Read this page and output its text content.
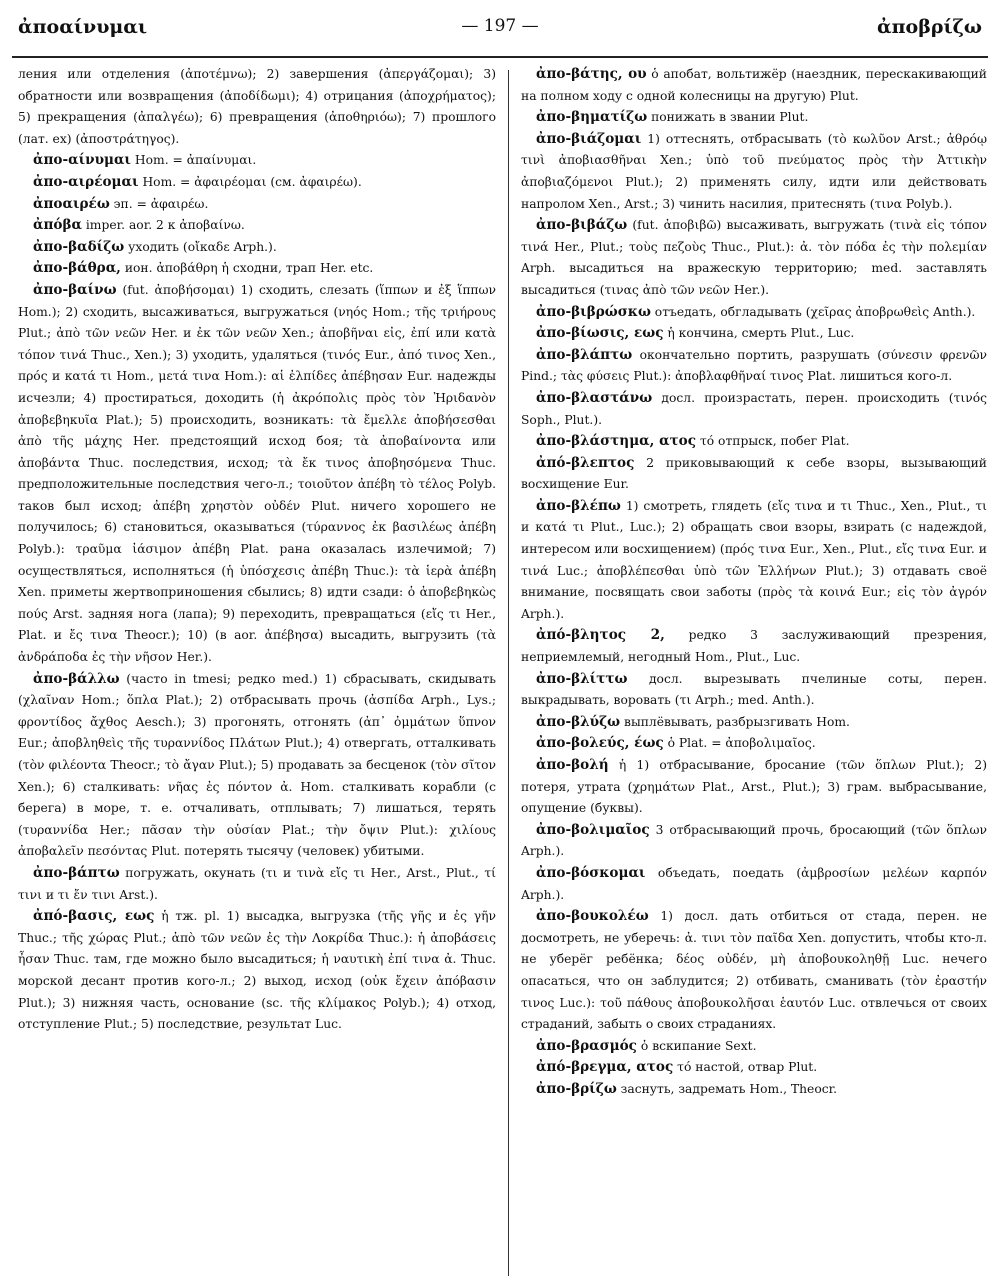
ἀποαίνυμαι	— 197 —	ἀποβρίζω

ления или отделения (ἀποτέμνω); 2) завершения (ἀπεργάζομαι); 3) обратности или возвращения (ἀποδίδωμι); 4) отрицания (ἀποχρήματος); 5) прекращения (ἀπαλγέω); 6) превращения (ἀποθηριόω); 7) прошлого (лат. ex) (ἀποστράτηγος).

ἀπο-αίνυμαι Hom. = ἀπαίνυμαι.

ἀπο-αιρέομαι Hom. = ἀφαιρέομαι (см. ἀφαιρέω).

ἀποαιρέω эп. = ἀφαιρέω.

ἀπόβα imper. aor. 2 к ἀποβαίνω.

ἀπο-βαδίζω уходить (οἴκαδε Arph.).

ἀπο-βάθρα, ион. ἀποβάθρη ἡ сходни, трап Her. etc.

ἀπο-βαίνω (fut. ἀποβήσομαι) 1) сходить, слезать (ἵππων и ἐξ ἵππων Hom.); 2) сходить, высаживаться, выгружаться (νηός Hom.; τῆς τριήρους Plut.; ἀπὸ τῶν νεῶν Her. и ἐκ τῶν νεῶν Xen.; ἀποβῆναι εἰς, ἐπί или κατὰ τόπον τινά Thuc., Xen.); 3) уходить, удаляться (τινός Eur., ἀπό τινος Xen., πρός и κατά τι Hom., μετά τινα Hom.): αἱ ἐλπίδες ἀπέβησαν Eur. надежды исчезли; 4) простираться, доходить (ἡ ἀκρόπολις πρὸς τὸν Ἠριδανὸν ἀποβεβηκυῖα Plat.); 5) происходить, возникать: τὰ ἔμελλε ἀποβήσεσθαι ἀπὸ τῆς μάχης Her. предстоящий исход боя; τὰ ἀποβαίνοντα или ἀποβάντα Thuc. последствия, исход; τὰ ἔκ τινος ἀποβησόμενα Thuc. предположительные последствия чего-л.; τοιοῦτον ἀπέβη τὸ τέλος Polyb. таков был исход; ἀπέβη χρηστὸν οὐδέν Plut. ничего хорошего не получилось; 6) становиться, оказываться (τύραννος ἐκ βασιλέως ἀπέβη Polyb.): τραῦμα ἰάσιμον ἀπέβη Plat. рана оказалась излечимой; 7) осуществляться, исполняться (ἡ ὑπόσχεσις ἀπέβη Thuc.): τὰ ἱερὰ ἀπέβη Xen. приметы жертвоприношения сбылись; 8) идти сзади: ὁ ἀποβεβηκὼς πούς Arst. задняя нога (лапа); 9) переходить, превращаться (εἴς τι Her., Plat. и ἔς τινα Theocr.); 10) (в aor. ἀπέβησα) высадить, выгрузить (τὰ ἀνδράποδα ἐς τὴν νῆσον Her.).

ἀπο-βάλλω (часто in tmesi; редко med.) 1) сбрасывать, скидывать (χλαῖναν Hom.; ὅπλα Plat.); 2) отбрасывать прочь (ἀσπίδα Arph., Lys.; φροντίδος ἄχθος Aesch.); 3) прогонять, отгонять (ἀπ᾽ ὀμμάτων ὕπνον Eur.; ἀποβληθεὶς τῆς τυραννίδος Πλάτων Plut.); 4) отвергать, отталкивать (τὸν φιλέοντα Theocr.; τὸ ἄγαν Plut.); 5) продавать за бесценок (τὸν σῖτον Xen.); 6) сталкивать: νῆας ἐς πόντον ἀ. Hom. сталкивать корабли (с берега) в море, т. е. отчаливать, отплывать; 7) лишаться, терять (τυραννίδα Her.; πᾶσαν τὴν οὐσίαν Plat.; τὴν ὄψιν Plut.): χιλίους ἀποβαλεῖν πεσόντας Plut. потерять тысячу (человек) убитыми.

ἀπο-βάπτω погружать, окунать (τι и τινὰ εἴς τι Her., Arst., Plut., τί τινι и τι ἔν τινι Arst.).

ἀπό-βασις, εως ἡ тж. pl. 1) высадка, выгрузка (τῆς γῆς и ἐς γῆν Thuc.; τῆς χώρας Plut.; ἀπὸ τῶν νεῶν ἐς τὴν Λοκρίδα Thuc.): ἡ ἀποβάσεις ἦσαν Thuc. там, где можно было высадиться; ἡ ναυτικὴ ἐπί τινα ἀ. Thuc. морской десант против кого-л.; 2) выход, исход (οὐκ ἔχειν ἀπόβασιν Plut.); 3) нижняя часть, основание (sc. τῆς κλίμακος Polyb.); 4) отход, отступление Plut.; 5) последствие, результат Luc.

ἀπο-βάτης, ου ὁ апобат, вольтижёр (наездник, перескакивающий на полном ходу с одной колесницы на другую) Plut.

ἀπο-βηματίζω понижать в звании Plut.

ἀπο-βιάζομαι 1) оттеснять, отбрасывать (τὸ κωλῦον Arst.; ἀθρόῳ τινὶ ἀποβιασθῆναι Xen.; ὑπὸ τοῦ πνεύματος πρὸς τὴν Ἀττικὴν ἀποβιαζόμενοι Plut.); 2) применять силу, идти или действовать напролом Xen., Arst.; 3) чинить насилия, притеснять (τινα Polyb.).

ἀπο-βιβάζω (fut. ἀποβιβῶ) высаживать, выгружать (τινὰ εἰς τόπον τινά Her., Plut.; τοὺς πεζοὺς Thuc., Plut.): ἀ. τὸν πόδα ἐς τὴν πολεμίαν Arph. высадиться на вражескую территорию; med. заставлять высадиться (τινας ἀπὸ τῶν νεῶν Her.).

ἀπο-βιβρώσκω отъедать, обгладывать (χεῖρας ἀποβρωθεὶς Anth.).

ἀπο-βίωσις, εως ἡ кончина, смерть Plut., Luc.

ἀπο-βλάπτω окончательно портить, разрушать (σύνεσιν φρενῶν Pind.; τὰς φύσεις Plut.): ἀποβλαφθῆναί τινος Plat. лишиться кого-л.

ἀπο-βλαστάνω досл. произрастать, перен. происходить (τινός Soph., Plut.).

ἀπο-βλάστημα, ατος τό отпрыск, побег Plat.

ἀπό-βλεπτος 2 приковывающий к себе взоры, вызывающий восхищение Eur.

ἀπο-βλέπω 1) смотреть, глядеть (εἴς τινα и τι Thuc., Xen., Plut., τι и κατά τι Plut., Luc.); 2) обращать свои взоры, взирать (с надеждой, интересом или восхищением) (πρός τινα Eur., Xen., Plut., εἴς τινα Eur. и τινά Luc.; ἀποβλέπεσθαι ὑπὸ τῶν Ἑλλήνων Plut.); 3) отдавать своё внимание, посвящать свои заботы (πρὸς τὰ κοινά Eur.; εἰς τὸν ἀγρόν Arph.).

ἀπό-βλητος 2, редко 3 заслуживающий презрения, неприемлемый, негодный Hom., Plut., Luc.

ἀπο-βλίττω досл. вырезывать пчелиные соты, перен. выкрадывать, воровать (τι Arph.; med. Anth.).

ἀπο-βλύζω выплёвывать, разбрызгивать Hom.

ἀπο-βολεύς, έως ὁ Plat. = ἀποβολιμαῖος.

ἀπο-βολή ἡ 1) отбрасывание, бросание (τῶν ὅπλων Plut.); 2) потеря, утрата (χρημάτων Plat., Arst., Plut.); 3) грам. выбрасывание, опущение (буквы).

ἀπο-βολιμαῖος 3 отбрасывающий прочь, бросающий (τῶν ὅπλων Arph.).

ἀπο-βόσκομαι объедать, поедать (ἀμβροσίων μελέων καρπόν Arph.).

ἀπο-βουκολέω 1) досл. дать отбиться от стада, перен. не досмотреть, не уберечь: ἀ. τινι τὸν παῖδα Xen. допустить, чтобы кто-л. не уберёг ребёнка; δέος οὐδέν, μὴ ἀποβουκοληθῇ Luc. нечего опасаться, что он заблудится; 2) отбивать, сманивать (τὸν ἐραστήν τινος Luc.): τοῦ πάθους ἀποβουκολῆσαι ἑαυτόν Luc. отвлечься от своих страданий, забыть о своих страданиях.

ἀπο-βρασμός ὁ вскипание Sext.

ἀπό-βρεγμα, ατος τό настой, отвар Plut.

ἀπο-βρίζω заснуть, задремать Hom., Theocr.
